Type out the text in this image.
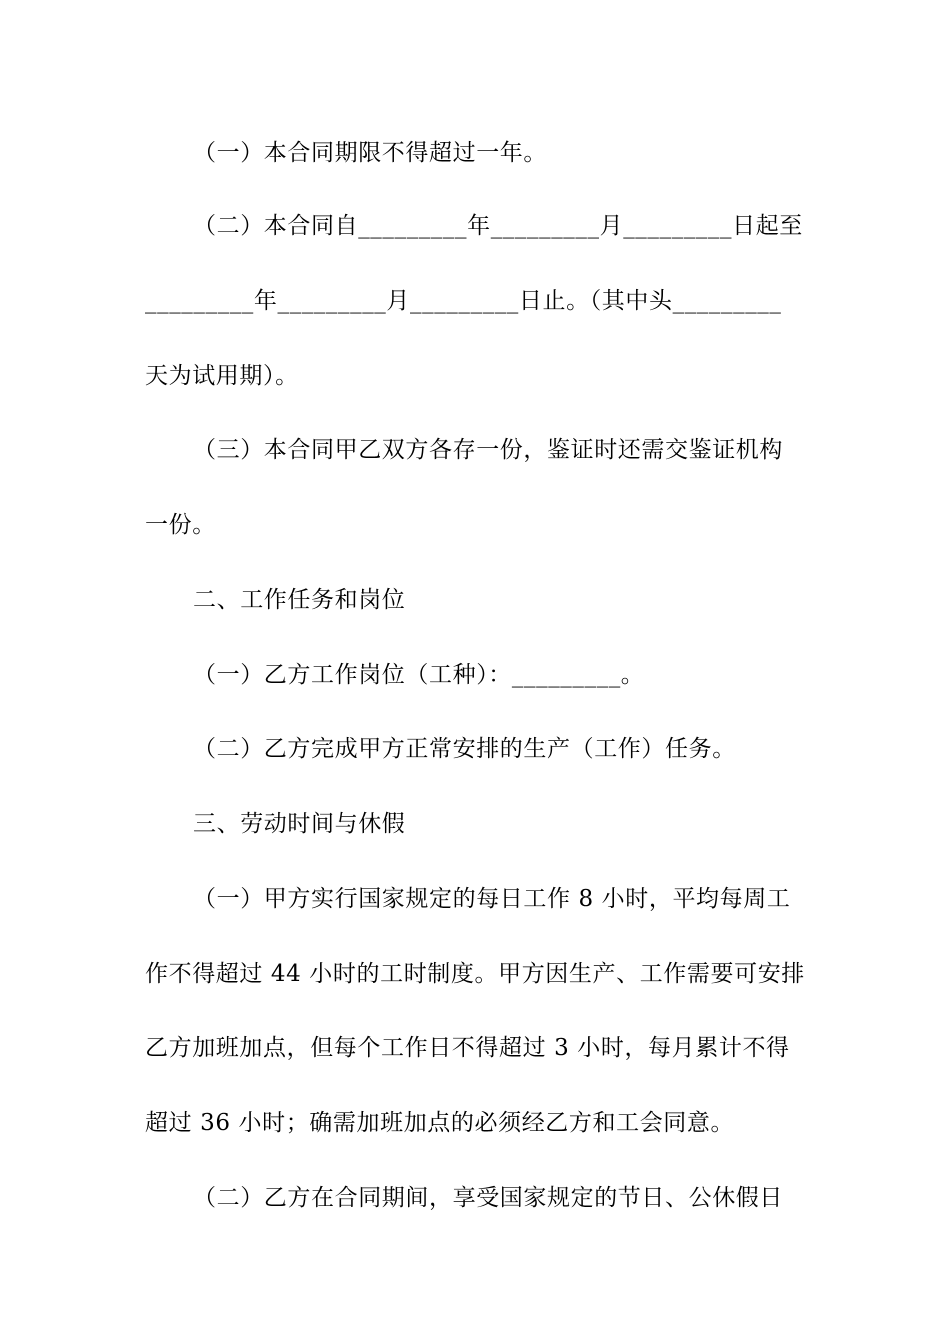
（一）本合同期限不得超过一年。
（二）本合同自_________年_________月_________日起至
_________年_________月_________日止。（其中头_________
天为试用期）。
（三）本合同甲乙双方各存一份，鉴证时还需交鉴证机构
一份。
二、工作任务和岗位
（一）乙方工作岗位（工种）：_________。
（二）乙方完成甲方正常安排的生产（工作）任务。
三、劳动时间与休假
（一）甲方实行国家规定的每日工作 8 小时，平均每周工
作不得超过 44 小时的工时制度。甲方因生产、工作需要可安排
乙方加班加点，但每个工作日不得超过 3 小时，每月累计不得
超过 36 小时；确需加班加点的必须经乙方和工会同意。
（二）乙方在合同期间，享受国家规定的节日、公休假日
